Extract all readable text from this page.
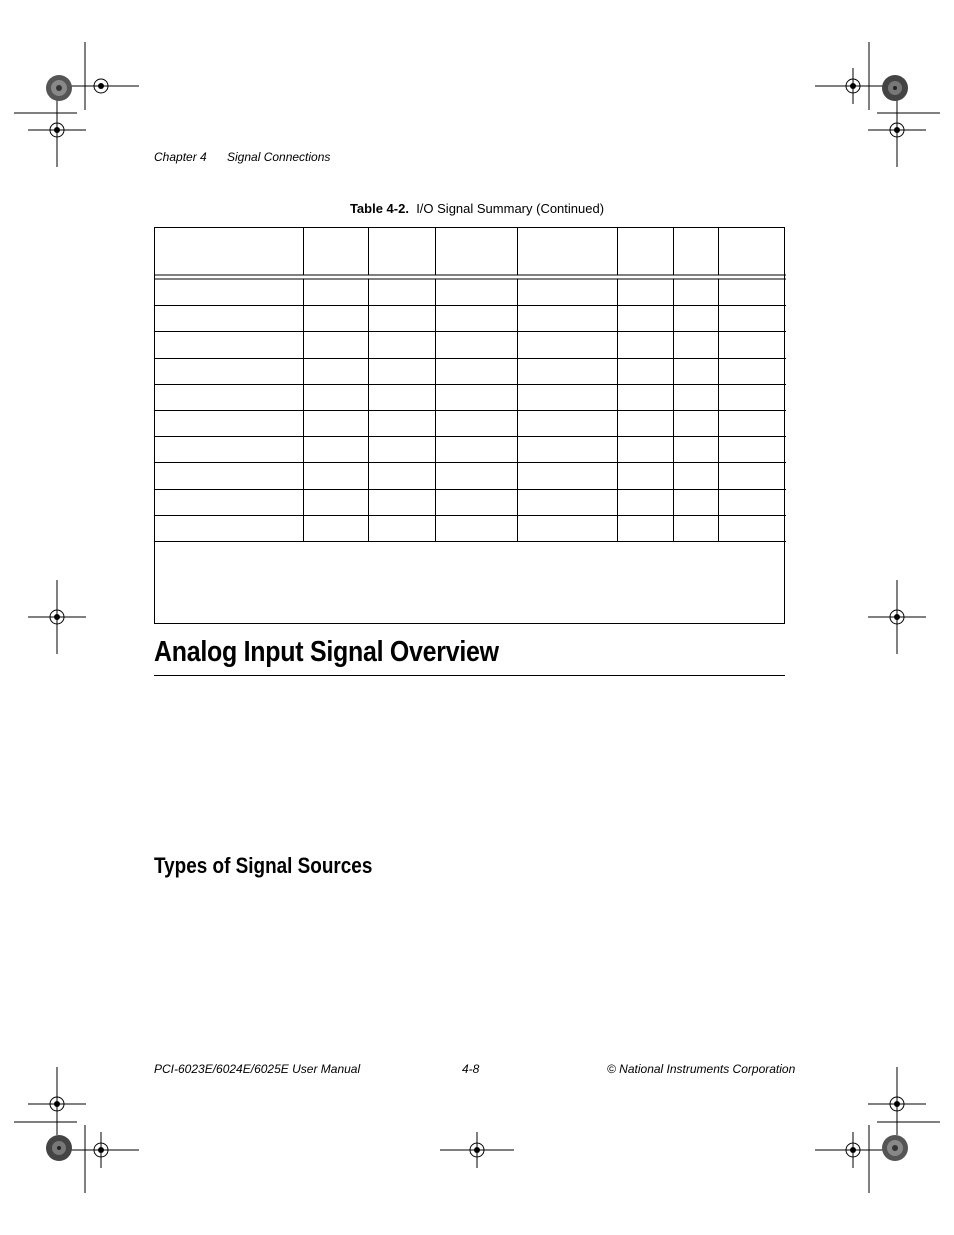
Chapter 4 Signal Connections
Table 4-2. I/O Signal Summary (Continued)
Analog Input Signal Overview
Types of Signal Sources
PCI-6023E/6024E/6025E User Manual	4-8	© National Instruments Corporation
